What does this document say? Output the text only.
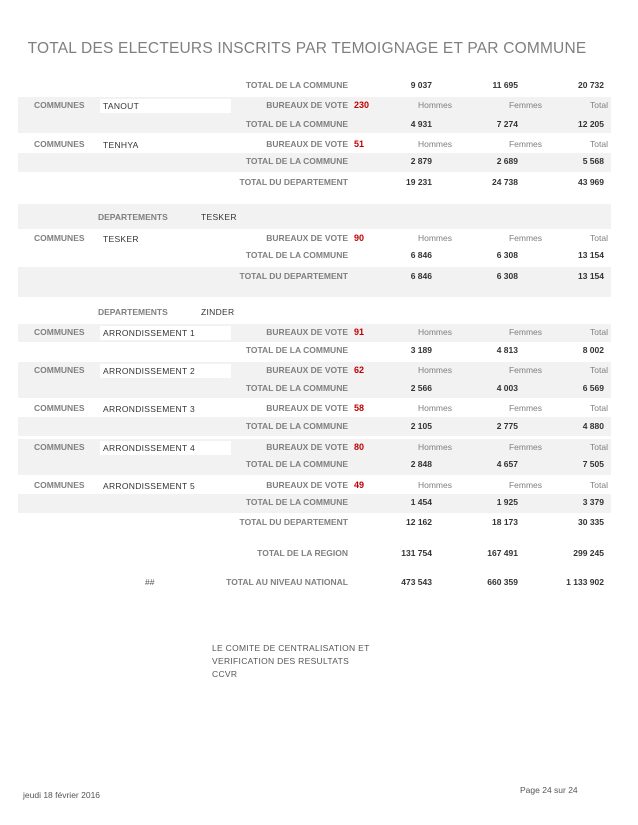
TOTAL DES ELECTEURS INSCRITS PAR TEMOIGNAGE ET PAR COMMUNE
TOTAL DE LA COMMUNE	9 037	11 695	20 732
COMMUNES TANOUT	BUREAUX DE VOTE 230	Hommes	Femmes	Total
TOTAL DE LA COMMUNE	4 931	7 274	12 205
COMMUNES TENHYA	BUREAUX DE VOTE 51	Hommes	Femmes	Total
TOTAL DE LA COMMUNE	2 879	2 689	5 568
TOTAL DU DEPARTEMENT	19 231	24 738	43 969
DEPARTEMENTS	TESKER
COMMUNES TESKER	BUREAUX DE VOTE 90	Hommes	Femmes	Total
TOTAL DE LA COMMUNE	6 846	6 308	13 154
TOTAL DU DEPARTEMENT	6 846	6 308	13 154
DEPARTEMENTS	ZINDER
COMMUNES ARRONDISSEMENT 1	BUREAUX DE VOTE 91	Hommes	Femmes	Total
TOTAL DE LA COMMUNE	3 189	4 813	8 002
COMMUNES ARRONDISSEMENT 2	BUREAUX DE VOTE 62	Hommes	Femmes	Total
TOTAL DE LA COMMUNE	2 566	4 003	6 569
COMMUNES ARRONDISSEMENT 3	BUREAUX DE VOTE 58	Hommes	Femmes	Total
TOTAL DE LA COMMUNE	2 105	2 775	4 880
COMMUNES ARRONDISSEMENT 4	BUREAUX DE VOTE 80	Hommes	Femmes	Total
TOTAL DE LA COMMUNE	2 848	4 657	7 505
COMMUNES ARRONDISSEMENT 5	BUREAUX DE VOTE 49	Hommes	Femmes	Total
TOTAL DE LA COMMUNE	1 454	1 925	3 379
TOTAL DU DEPARTEMENT	12 162	18 173	30 335
TOTAL DE LA REGION	131 754	167 491	299 245
##	TOTAL AU NIVEAU NATIONAL	473 543	660 359	1 133 902
LE COMITE DE CENTRALISATION ET
VERIFICATION DES RESULTATS
CCVR
jeudi 18 février 2016	Page 24 sur 24
